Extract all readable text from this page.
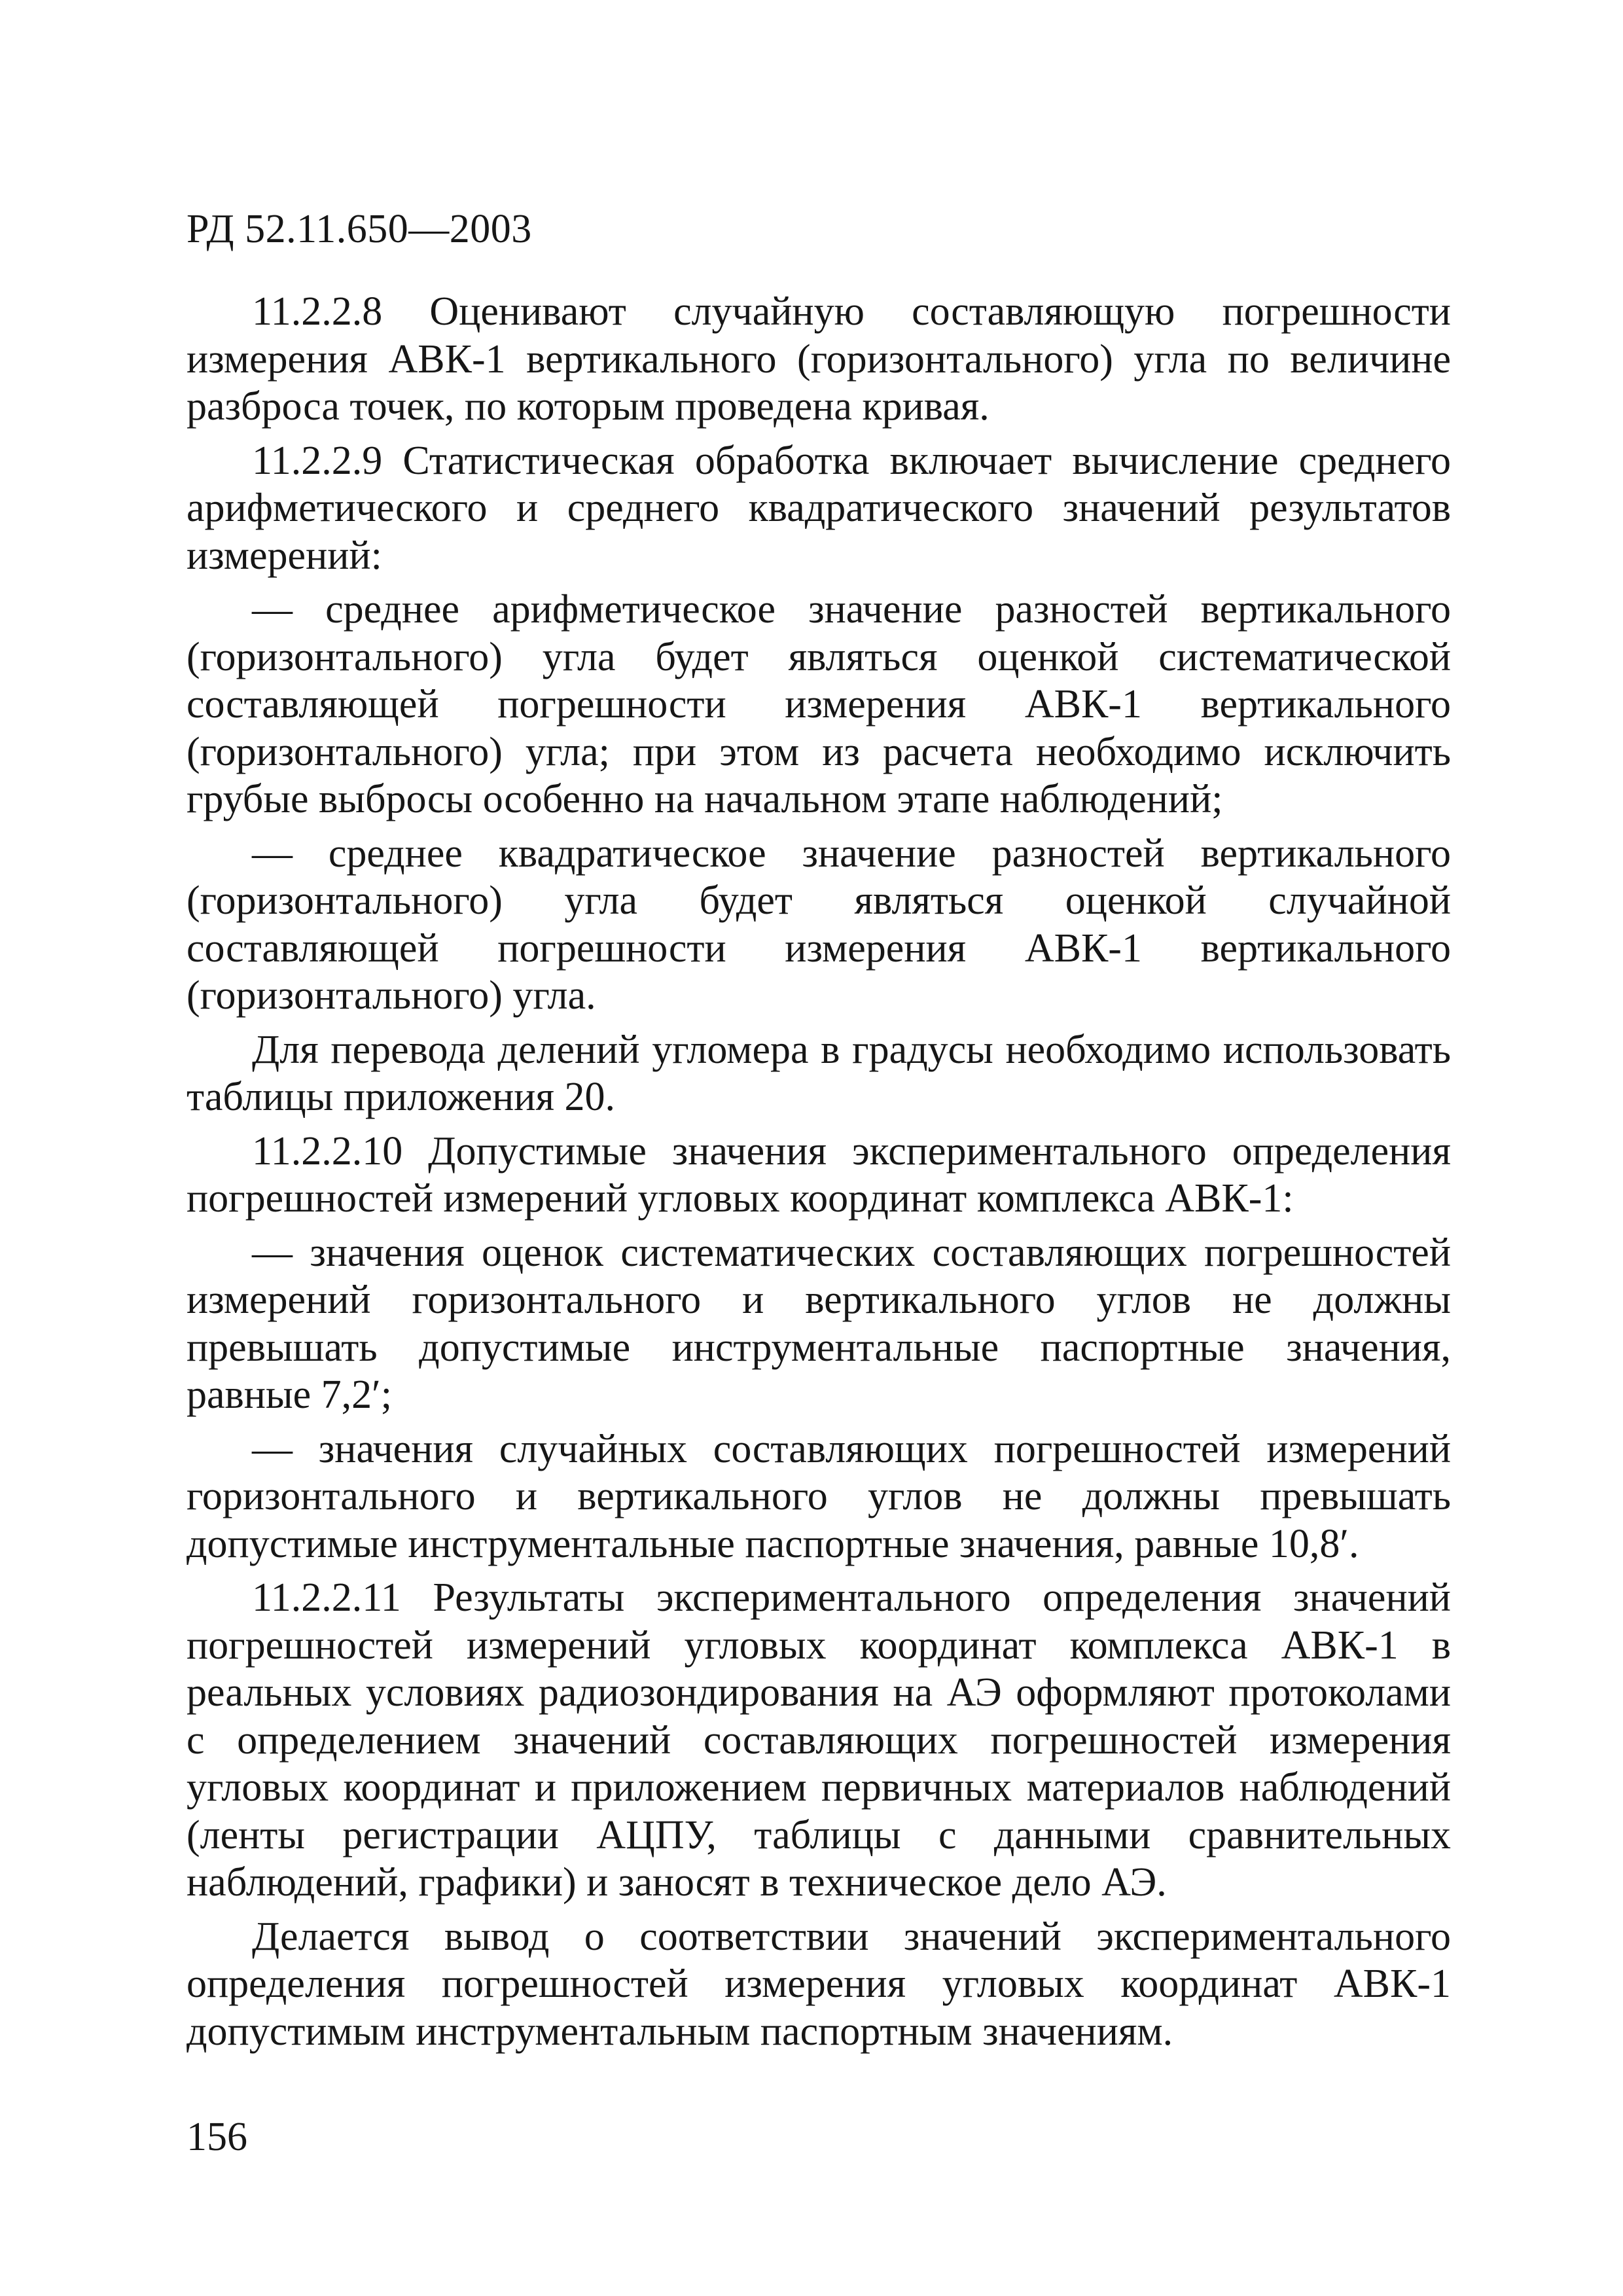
РД 52.11.650—2003

11.2.2.8 Оценивают случайную составляющую погрешности измерения АВК-1 вертикального (горизонтального) угла по величине разброса точек, по которым проведена кривая.

11.2.2.9 Статистическая обработка включает вычисление среднего арифметического и среднего квадратического значений результатов измерений:

— среднее арифметическое значение разностей вертикального (горизонтального) угла будет являться оценкой систематической составляющей погрешности измерения АВК-1 вертикального (горизонтального) угла; при этом из расчета необходимо исключить грубые выбросы особенно на начальном этапе наблюдений;

— среднее квадратическое значение разностей вертикального (горизонтального) угла будет являться оценкой случайной составляющей погрешности измерения АВК-1 вертикального (горизонтального) угла.

Для перевода делений угломера в градусы необходимо использовать таблицы приложения 20.

11.2.2.10 Допустимые значения экспериментального определения погрешностей измерений угловых координат комплекса АВК-1:

— значения оценок систематических составляющих погрешностей измерений горизонтального и вертикального углов не должны превышать допустимые инструментальные паспортные значения, равные 7,2′;

— значения случайных составляющих погрешностей измерений горизонтального и вертикального углов не должны превышать допустимые инструментальные паспортные значения, равные 10,8′.

11.2.2.11 Результаты экспериментального определения значений погрешностей измерений угловых координат комплекса АВК-1 в реальных условиях радиозондирования на АЭ оформляют протоколами с определением значений составляющих погрешностей измерения угловых координат и приложением первичных материалов наблюдений (ленты регистрации АЦПУ, таблицы с данными сравнительных наблюдений, графики) и заносят в техническое дело АЭ.

Делается вывод о соответствии значений экспериментального определения погрешностей измерения угловых координат АВК-1 допустимым инструментальным паспортным значениям.

156
